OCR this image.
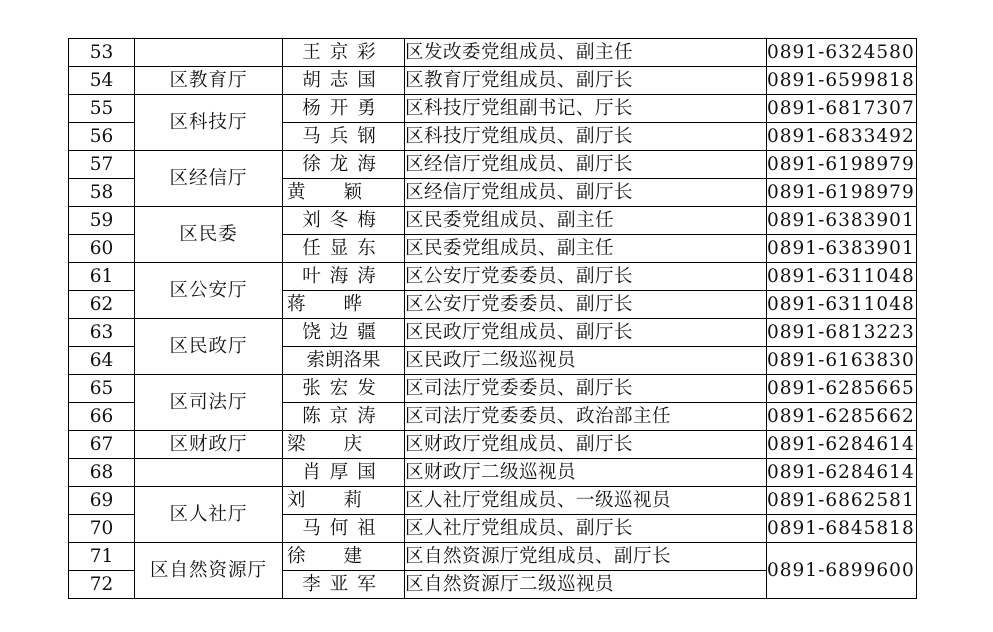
53		王京彩	区发改委党组成员、副主任	0891-6324580
54	区教育厅	胡志国	区教育厅党组成员、副厅长	0891-6599818
55	区科技厅	杨开勇	区科技厅党组副书记、厅长	0891-6817307
56		马兵钢	区科技厅党组成员、副厅长	0891-6833492
57	区经信厅	徐龙海	区经信厅党组成员、副厅长	0891-6198979
58		黄颖	区经信厅党组成员、副厅长	0891-6198979
59	区民委	刘冬梅	区民委党组成员、副主任	0891-6383901
60		任显东	区民委党组成员、副主任	0891-6383901
61	区公安厅	叶海涛	区公安厅党委委员、副厅长	0891-6311048
62		蒋晔	区公安厅党委委员、副厅长	0891-6311048
63	区民政厅	饶边疆	区民政厅党组成员、副厅长	0891-6813223
64		索朗洛果	区民政厅二级巡视员	0891-6163830
65	区司法厅	张宏发	区司法厅党委委员、副厅长	0891-6285665
66		陈京涛	区司法厅党委委员、政治部主任	0891-6285662
67	区财政厅	梁庆	区财政厅党组成员、副厅长	0891-6284614
68		肖厚国	区财政厅二级巡视员	0891-6284614
69	区人社厅	刘莉	区人社厅党组成员、一级巡视员	0891-6862581
70		马何祖	区人社厅党组成员、副厅长	0891-6845818
71	区自然资源厅	徐建	区自然资源厅党组成员、副厅长	0891-6899600
72		李亚军	区自然资源厅二级巡视员	
